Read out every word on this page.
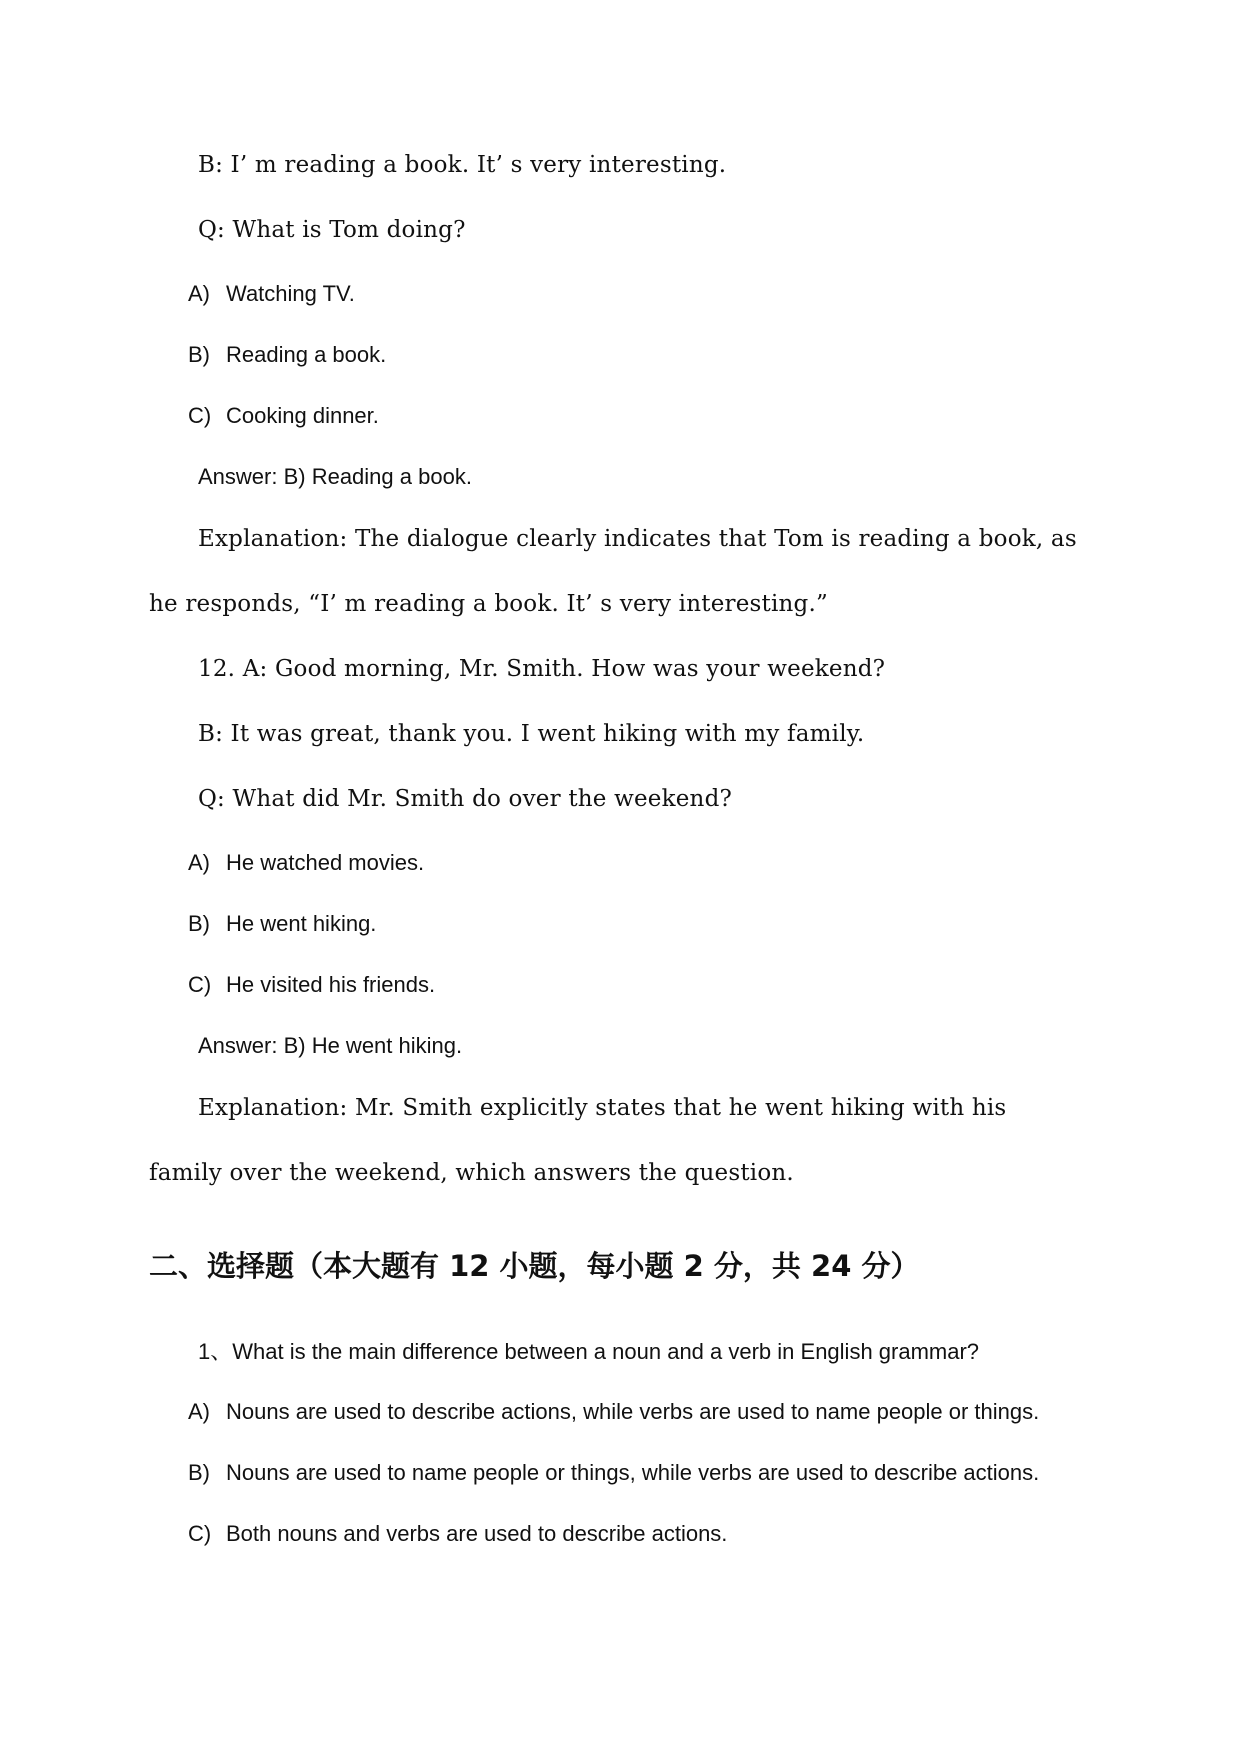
B: I’ m reading a book. It’ s very interesting.
Q: What is Tom doing?
A) Watching TV.
B) Reading a book.
C) Cooking dinner.
Answer: B) Reading a book.
Explanation: The dialogue clearly indicates that Tom is reading a book, as
he responds, “I’ m reading a book. It’ s very interesting.”
12. A: Good morning, Mr. Smith. How was your weekend?
B: It was great, thank you. I went hiking with my family.
Q: What did Mr. Smith do over the weekend?
A) He watched movies.
B) He went hiking.
C) He visited his friends.
Answer: B) He went hiking.
Explanation: Mr. Smith explicitly states that he went hiking with his
family over the weekend, which answers the question.
二、选择题（本大题有 12 小题，每小题 2 分，共 24 分）
1、What is the main difference between a noun and a verb in English grammar?
A) Nouns are used to describe actions, while verbs are used to name people or things.
B) Nouns are used to name people or things, while verbs are used to describe actions.
C) Both nouns and verbs are used to describe actions.
